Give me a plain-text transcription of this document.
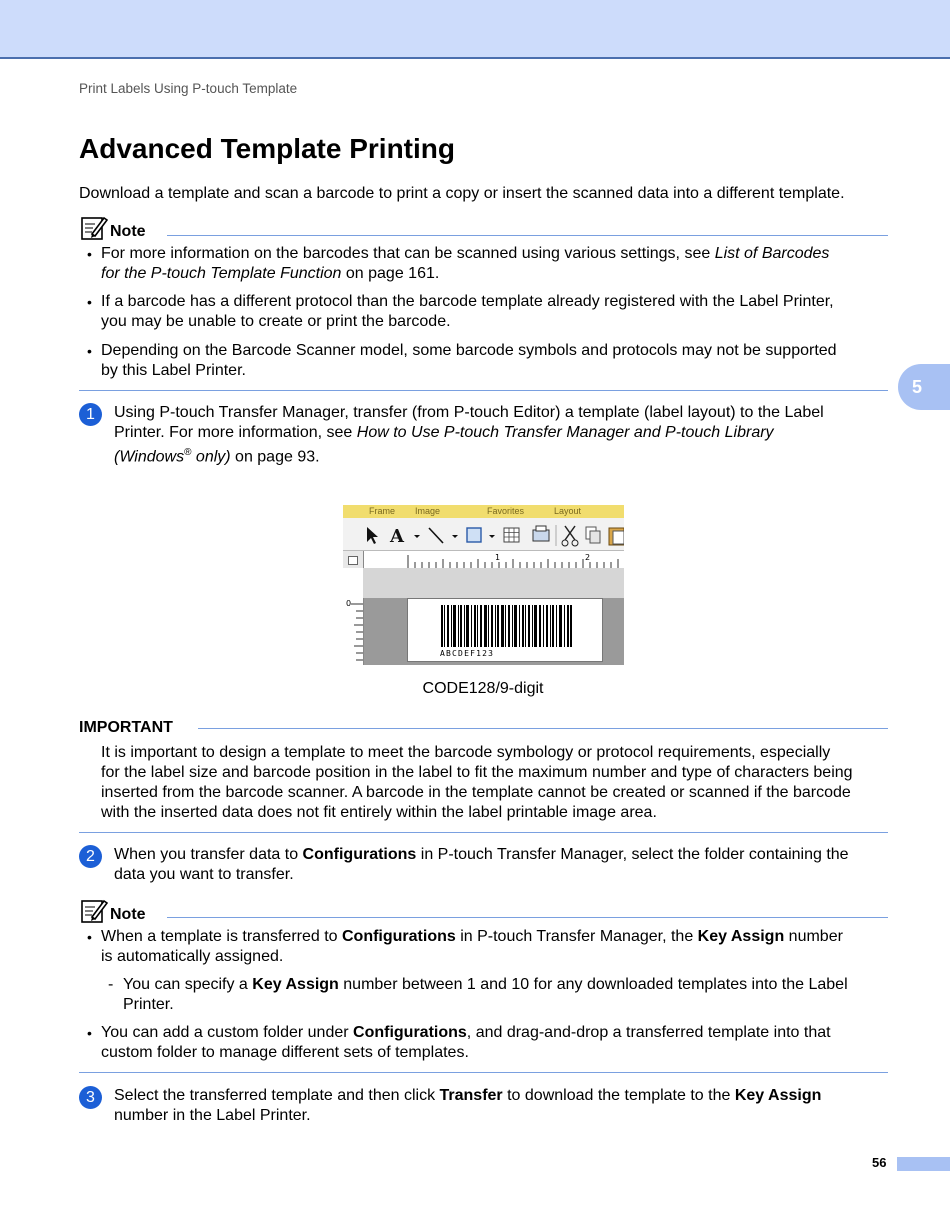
Print Labels Using P-touch Template
Advanced Template Printing

Download a template and scan a barcode to print a copy or insert the scanned data into a different template.

Note
• For more information on the barcodes that can be scanned using various settings, see List of Barcodes

for the P-touch Template Function on page 161.

• If a barcode has a different protocol than the barcode template already registered with the Label Printer,

you may be unable to create or print the barcode.

• Depending on the Barcode Scanner model, some barcode symbols and protocols may not be supported

by this Label Printer.

5
1	Using P-touch Transfer Manager, transfer (from P-touch Editor) a template (label layout) to the Label

Printer. For more information, see How to Use P-touch Transfer Manager and P-touch Library

(Windows® only) on page 93.

Frame Image	Favorites	Layout
A
1	2
0
ABCDEF123
CODE128/9-digit
IMPORTANT

It is important to design a template to meet the barcode symbology or protocol requirements, especially

for the label size and barcode position in the label to fit the maximum number and type of characters being

inserted from the barcode scanner. A barcode in the template cannot be created or scanned if the barcode

with the inserted data does not fit entirely within the label printable image area.

2	When you transfer data to Configurations in P-touch Transfer Manager, select the folder containing the

data you want to transfer.

Note
• When a template is transferred to Configurations in P-touch Transfer Manager, the Key Assign number

is automatically assigned.

- You can specify a Key Assign number between 1 and 10 for any downloaded templates into the Label

Printer.

• You can add a custom folder under Configurations, and drag-and-drop a transferred template into that

custom folder to manage different sets of templates.

3	Select the transferred template and then click Transfer to download the template to the Key Assign

number in the Label Printer.

56
